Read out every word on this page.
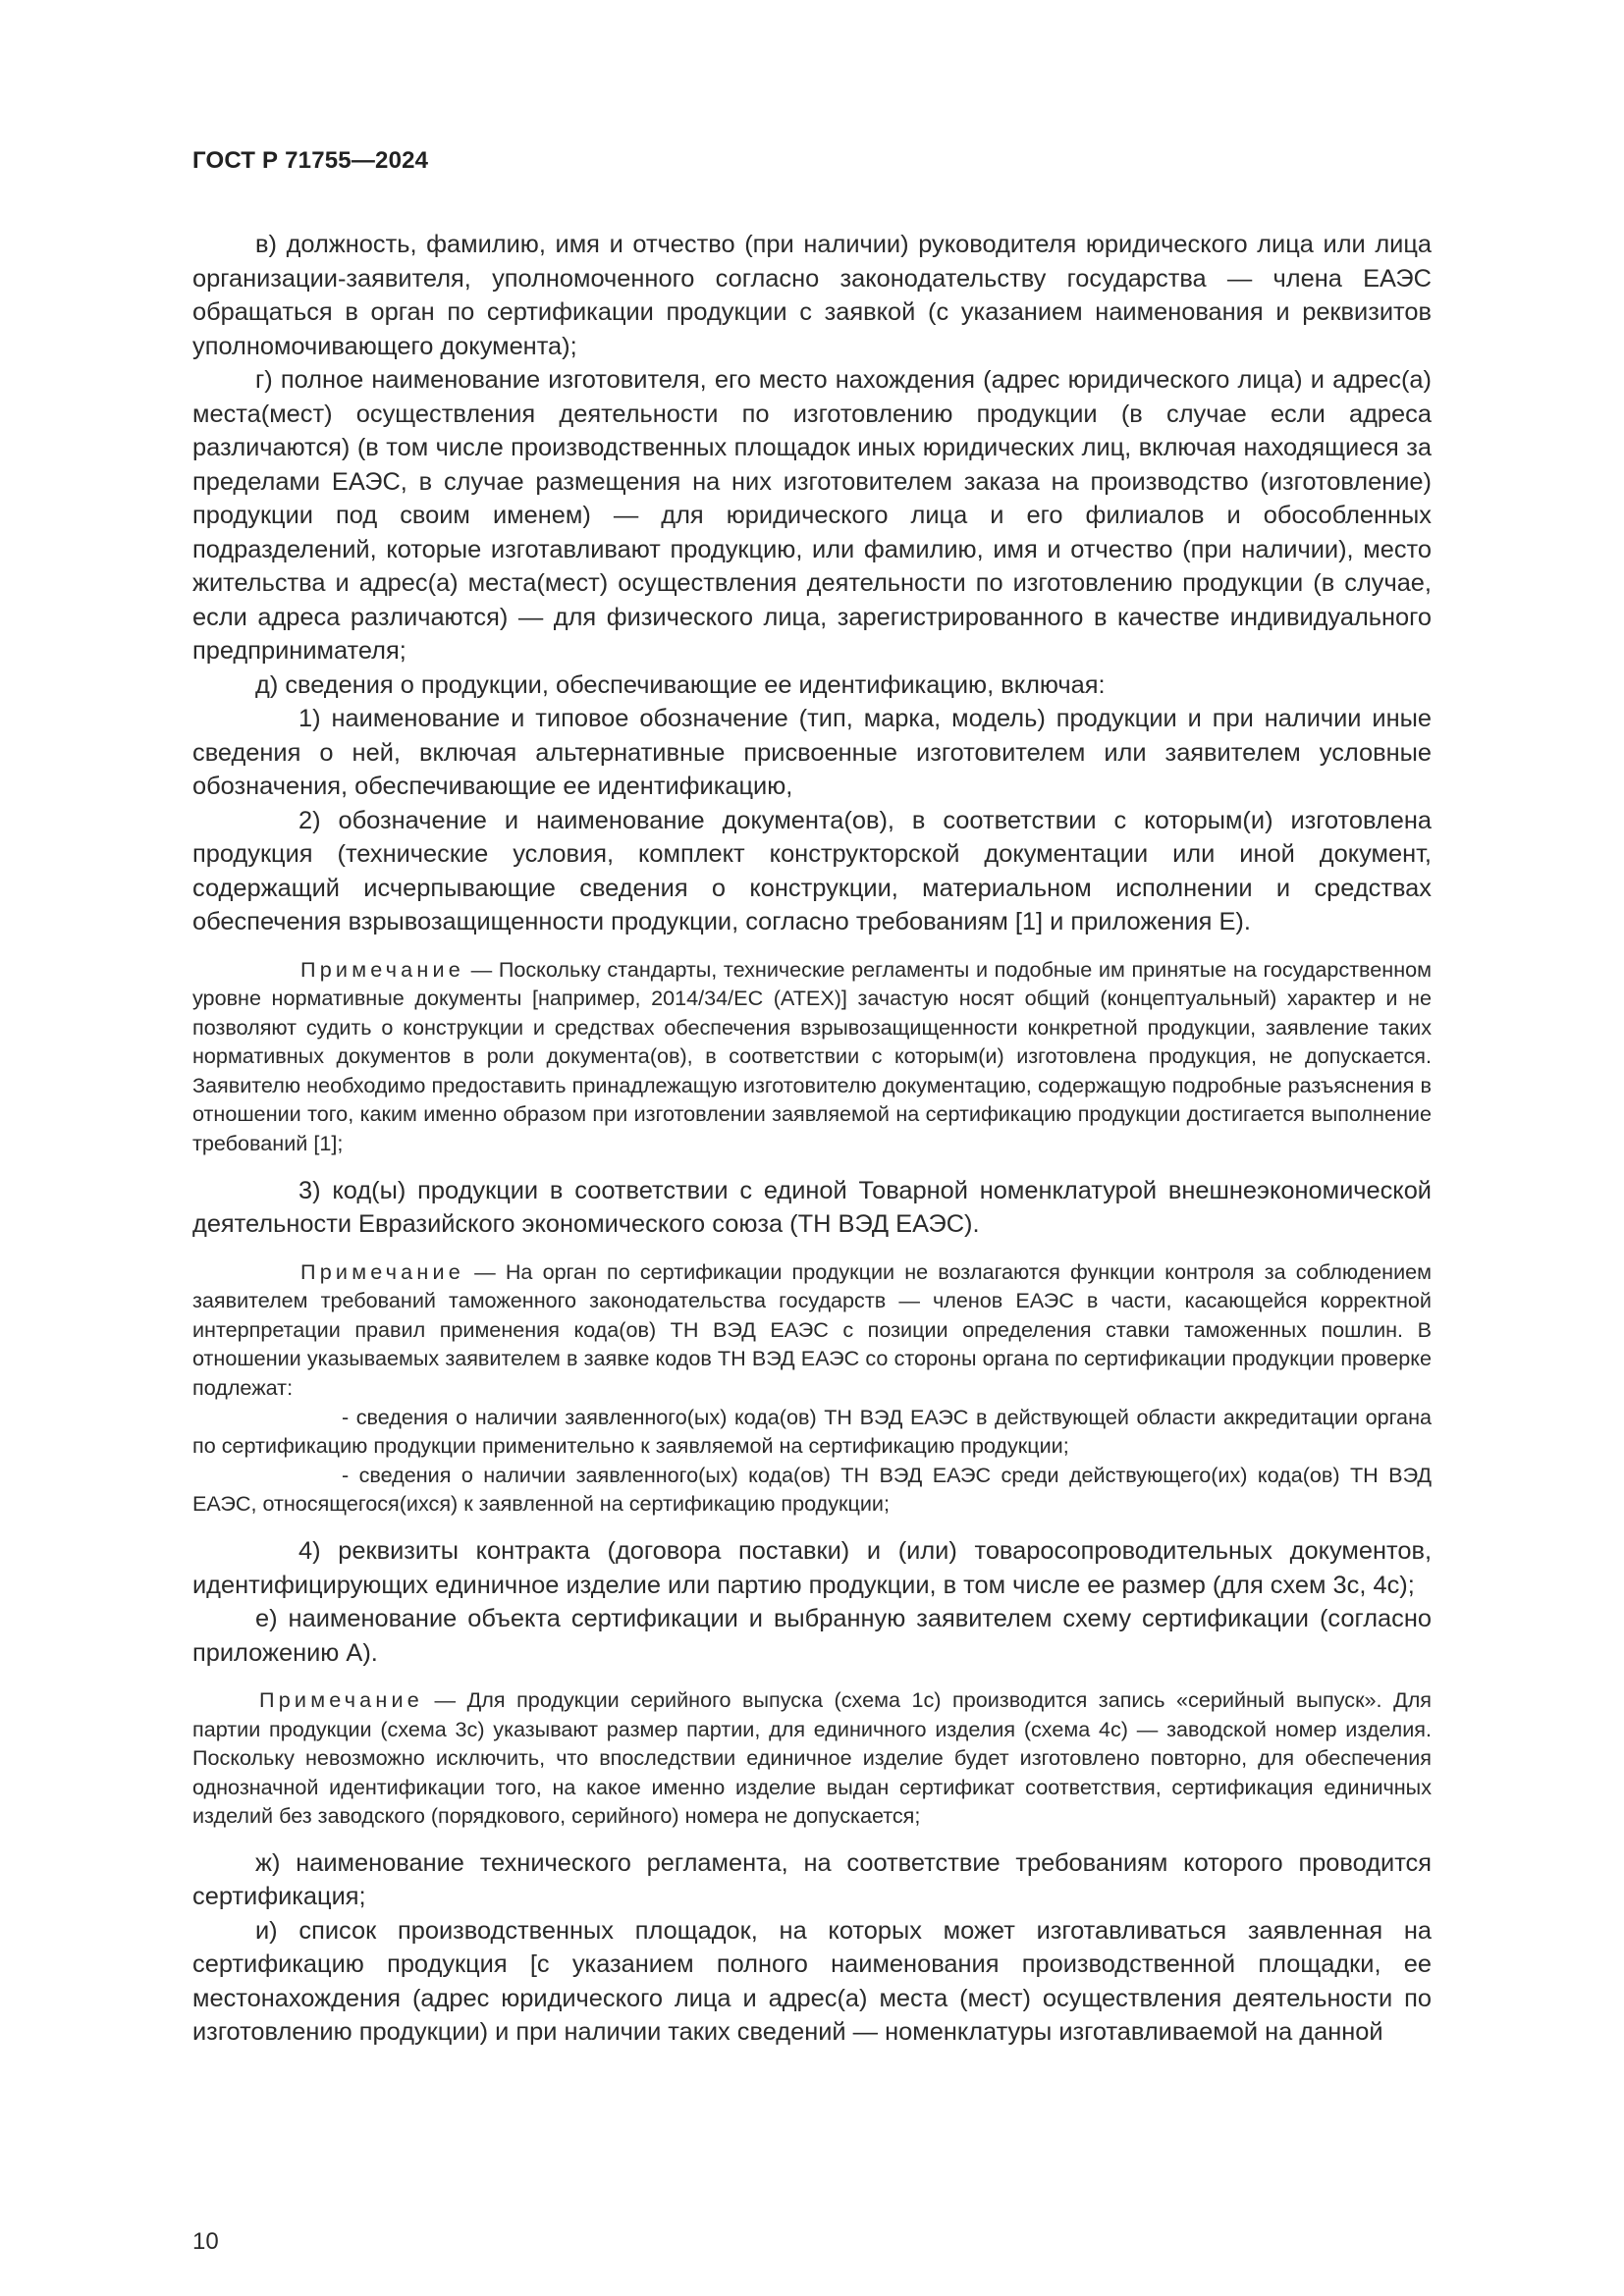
ГОСТ Р 71755—2024

в) должность, фамилию, имя и отчество (при наличии) руководителя юридического лица или лица организации-заявителя, уполномоченного согласно законодательству государства — члена ЕАЭС обращаться в орган по сертификации продукции с заявкой (с указанием наименования и реквизитов уполномочивающего документа);

г) полное наименование изготовителя, его место нахождения (адрес юридического лица) и адрес(а) места(мест) осуществления деятельности по изготовлению продукции (в случае если адреса различаются) (в том числе производственных площадок иных юридических лиц, включая находящиеся за пределами ЕАЭС, в случае размещения на них изготовителем заказа на производство (изготовление) продукции под своим именем) — для юридического лица и его филиалов и обособленных подразделений, которые изготавливают продукцию, или фамилию, имя и отчество (при наличии), место жительства и адрес(а) места(мест) осуществления деятельности по изготовлению продукции (в случае, если адреса различаются) — для физического лица, зарегистрированного в качестве индивидуального предпринимателя;

д) сведения о продукции, обеспечивающие ее идентификацию, включая:

1) наименование и типовое обозначение (тип, марка, модель) продукции и при наличии иные сведения о ней, включая альтернативные присвоенные изготовителем или заявителем условные обозначения, обеспечивающие ее идентификацию,

2) обозначение и наименование документа(ов), в соответствии с которым(и) изготовлена продукция (технические условия, комплект конструкторской документации или иной документ, содержащий исчерпывающие сведения о конструкции, материальном исполнении и средствах обеспечения взрывозащищенности продукции, согласно требованиям [1] и приложения Е).

Примечание — Поскольку стандарты, технические регламенты и подобные им принятые на государственном уровне нормативные документы [например, 2014/34/ЕС (ATEX)] зачастую носят общий (концептуальный) характер и не позволяют судить о конструкции и средствах обеспечения взрывозащищенности конкретной продукции, заявление таких нормативных документов в роли документа(ов), в соответствии с которым(и) изготовлена продукция, не допускается. Заявителю необходимо предоставить принадлежащую изготовителю документацию, содержащую подробные разъяснения в отношении того, каким именно образом при изготовлении заявляемой на сертификацию продукции достигается выполнение требований [1];

3) код(ы) продукции в соответствии с единой Товарной номенклатурой внешнеэкономической деятельности Евразийского экономического союза (ТН ВЭД ЕАЭС).

Примечание — На орган по сертификации продукции не возлагаются функции контроля за соблюдением заявителем требований таможенного законодательства государств — членов ЕАЭС в части, касающейся корректной интерпретации правил применения кода(ов) ТН ВЭД ЕАЭС с позиции определения ставки таможенных пошлин. В отношении указываемых заявителем в заявке кодов ТН ВЭД ЕАЭС со стороны органа по сертификации продукции проверке подлежат:

- сведения о наличии заявленного(ых) кода(ов) ТН ВЭД ЕАЭС в действующей области аккредитации органа по сертификацию продукции применительно к заявляемой на сертификацию продукции;

- сведения о наличии заявленного(ых) кода(ов) ТН ВЭД ЕАЭС среди действующего(их) кода(ов) ТН ВЭД ЕАЭС, относящегося(ихся) к заявленной на сертификацию продукции;

4) реквизиты контракта (договора поставки) и (или) товаросопроводительных документов, идентифицирующих единичное изделие или партию продукции, в том числе ее размер (для схем 3с, 4с);

е) наименование объекта сертификации и выбранную заявителем схему сертификации (согласно приложению А).

Примечание — Для продукции серийного выпуска (схема 1с) производится запись «серийный выпуск». Для партии продукции (схема 3с) указывают размер партии, для единичного изделия (схема 4с) — заводской номер изделия. Поскольку невозможно исключить, что впоследствии единичное изделие будет изготовлено повторно, для обеспечения однозначной идентификации того, на какое именно изделие выдан сертификат соответствия, сертификация единичных изделий без заводского (порядкового, серийного) номера не допускается;

ж) наименование технического регламента, на соответствие требованиям которого проводится сертификация;

и) список производственных площадок, на которых может изготавливаться заявленная на сертификацию продукция [с указанием полного наименования производственной площадки, ее местонахождения (адрес юридического лица и адрес(а) места (мест) осуществления деятельности по изготовлению продукции) и при наличии таких сведений — номенклатуры изготавливаемой на данной

10
